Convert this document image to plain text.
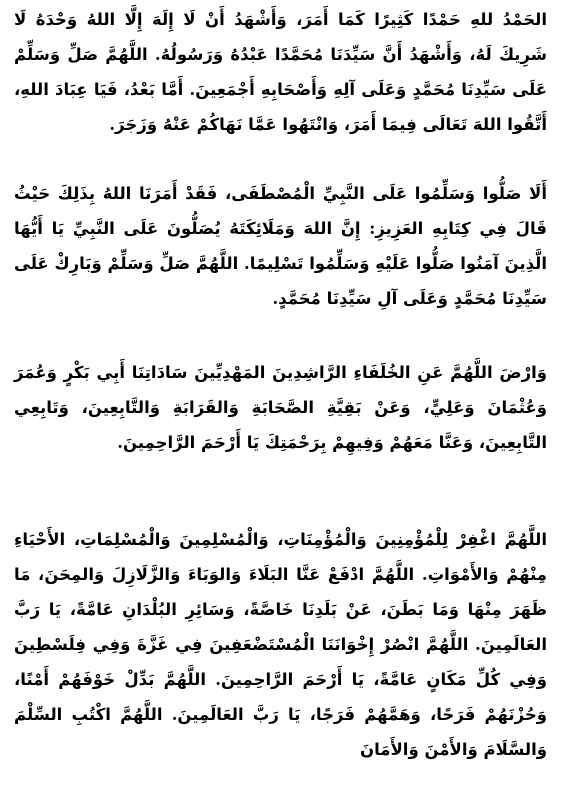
الحَمْدُ للهِ حَمْدًا كَثِيرًا كَمَا أَمَرَ، وَأَشْهَدُ أَنْ لَا إِلَهَ إِلَّا اللهُ وَحْدَهُ لَا شَرِيكَ لَهُ، وَأَشْهَدُ أَنَّ سَيِّدَنَا مُحَمَّدًا عَبْدُهُ وَرَسُولُهُ. اللَّهُمَّ صَلِّ وَسَلِّمْ عَلَى سَيِّدِنَا مُحَمَّدٍ وَعَلَى آلِهِ وَأَصْحَابِهِ أَجْمَعِينَ. أَمَّا بَعْدُ، فَيَا عِبَادَ اللهِ، أَتَّقُوا اللهَ تَعَالَى فِيمَا أَمَرَ، وَانْتَهُوا عَمَّا نَهَاكُمْ عَنْهُ وَزَجَرَ.

أَلَا صَلُّوا وَسَلِّمُوا عَلَى النَّبِيِّ الْمُصْطَفَى، فَقَدْ أَمَرَنَا اللهُ بِذَلِكَ حَيْثُ قَالَ فِي كِتَابِهِ العَزِيزِ: إِنَّ اللهَ وَمَلَائِكَتَهُ يُصَلُّونَ عَلَى النَّبِيِّ يَا أَيُّهَا الَّذِينَ آمَنُوا صَلُّوا عَلَيْهِ وَسَلِّمُوا تَسْلِيمًا. اللَّهُمَّ صَلِّ وَسَلِّمْ وَبَارِكْ عَلَى سَيِّدِنَا مُحَمَّدٍ وَعَلَى آلِ سَيِّدِنَا مُحَمَّدٍ.

وَارْضَ اللَّهُمَّ عَنِ الخُلَفَاءِ الرَّاشِدِينَ المَهْدِيِّينَ سَادَاتِنَا أَبِي بَكْرٍ وَعُمَرَ وَعُثْمَانَ وَعَلِيٍّ، وَعَنْ بَقِيَّةِ الصَّحَابَةِ وَالقَرَابَةِ وَالتَّابِعِينَ، وَتَابِعِي التَّابِعِينَ، وَعَنَّا مَعَهُمْ وَفِيهِمْ بِرَحْمَتِكَ يَا أَرْحَمَ الرَّاحِمِينَ.

اللَّهُمَّ اغْفِرْ لِلْمُؤْمِنِينَ وَالْمُؤْمِنَاتِ، وَالْمُسْلِمِينَ وَالْمُسْلِمَاتِ، الأَحْيَاءِ مِنْهُمْ وَالأَمْوَاتِ. اللَّهُمَّ ادْفَعْ عَنَّا البَلَاءَ وَالوَبَاءَ وَالزَّلَازِلَ وَالمِحَنَ، مَا ظَهَرَ مِنْهَا وَمَا بَطَنَ، عَنْ بَلَدِنَا خَاصَّةً، وَسَائِرِ البُلْدَانِ عَامَّةً، يَا رَبَّ العَالَمِينَ. اللَّهُمَّ انْصُرْ إِخْوَانَنَا الْمُسْتَضْعَفِينَ فِي غَزَّةَ وَفِي فِلَسْطِينَ وَفِي كُلِّ مَكَانٍ عَامَّةً، يَا أَرْحَمَ الرَّاحِمِينَ. اللَّهُمَّ بَدِّلْ خَوْفَهُمْ أَمْنًا، وَحُزْنَهُمْ فَرَحًا، وَهَمَّهُمْ فَرَجًا، يَا رَبَّ العَالَمِينَ. اللَّهُمَّ اكْتُبِ السِّلْمَ وَالسَّلَامَ وَالأَمْنَ وَالأَمَانَ
